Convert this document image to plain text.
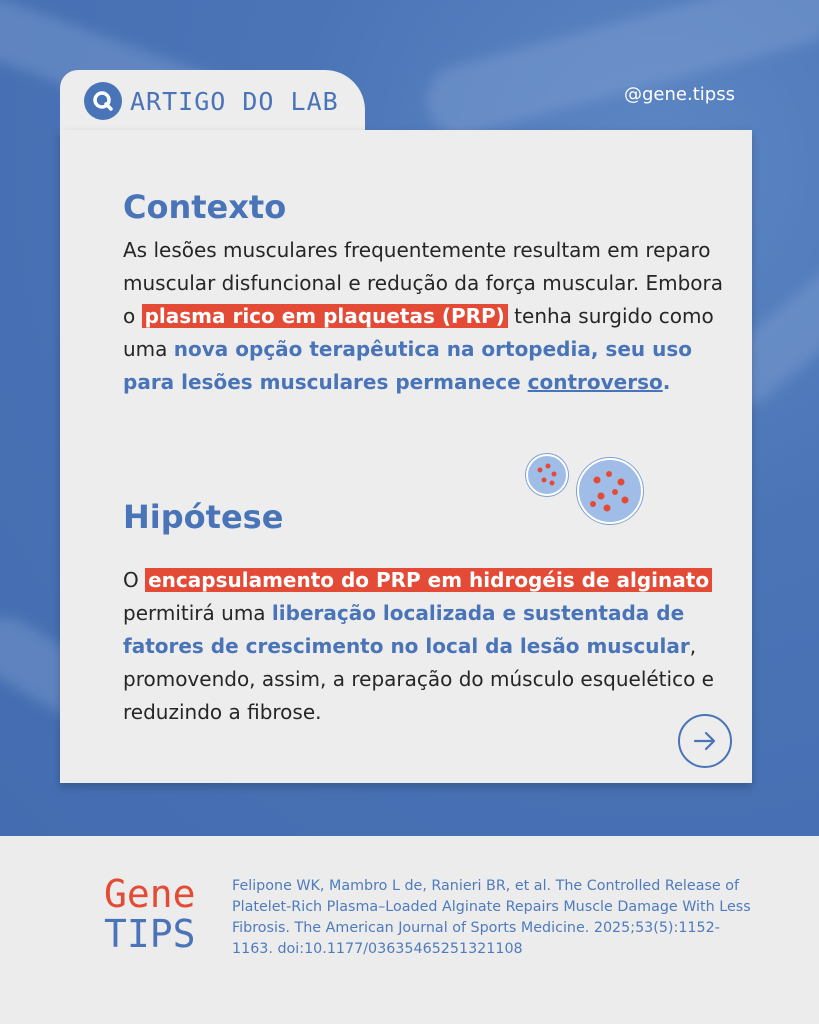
ARTIGO DO LAB	@gene.tipss
Contexto

As lesões musculares frequentemente resultam em reparo muscular disfuncional e redução da força muscular. Embora o plasma rico em plaquetas (PRP) tenha surgido como uma nova opção terapêutica na ortopedia, seu uso para lesões musculares permanece controverso.

Hipótese

O encapsulamento do PRP em hidrogéis de alginato permitirá uma liberação localizada e sustentada de fatores de crescimento no local da lesão muscular, promovendo, assim, a reparação do músculo esquelético e reduzindo a fibrose.

Gene
TIPS

Felipone WK, Mambro L de, Ranieri BR, et al. The Controlled Release of Platelet-Rich Plasma–Loaded Alginate Repairs Muscle Damage With Less Fibrosis. The American Journal of Sports Medicine. 2025;53(5):1152-1163. doi:10.1177/03635465251321108
